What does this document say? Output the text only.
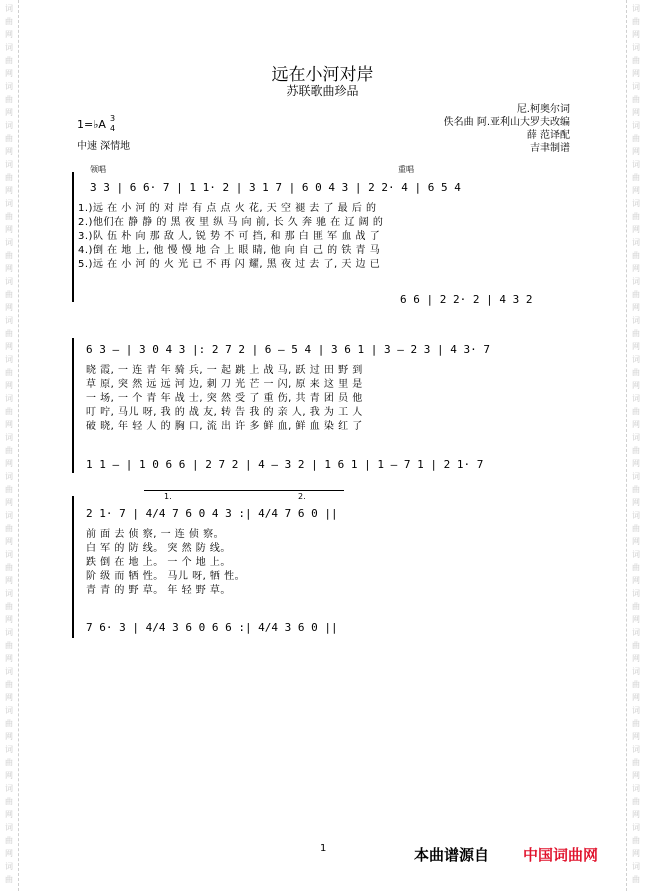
词
曲
网
词
曲
网
词
曲
网
词
曲
网
词
曲
网
词
曲
网
词
曲
网
词
曲
网
词
曲
网
词
曲
网
词
曲
网
词
曲
网
词
曲
网
词
曲
网
词
曲
网
词
曲
网
词
曲
网
词
曲
网
词
曲
网
词
曲
网
词
曲
网
词
曲
网
词
曲
词
曲
网
词
曲
网
词
曲
网
词
曲
网
词
曲
网
词
曲
网
词
曲
网
词
曲
网
词
曲
网
词
曲
网
词
曲
网
词
曲
网
词
曲
网
词
曲
网
词
曲
网
词
曲
网
词
曲
网
词
曲
网
词
曲
网
词
曲
网
词
曲
网
词
曲
网
词
曲
远在小河对岸
苏联歌曲珍品
1=♭A 3
4
中速 深情地
尼.柯奥尔词
佚名曲 阿.亚利山大罗夫改编
薛 范译配
吉聿制谱
领唱	重唱
3 3 | 6 6· 7 | 1 1· 2 | 3 1 7 | 6 0 4 3 | 2 2· 4 | 6 5 4
1.)远 在 小 河 的 对 岸 有 点 点 火 花, 天 空 褪 去 了 最 后 的
2.)他们在 静 静 的 黑 夜 里 纵 马 向 前, 长 久 奔 驰 在 辽 阔 的
3.)队 伍 朴 向 那 敌 人, 锐 势 不 可 挡, 和 那 白 匪 军 血 战 了
4.)倒 在 地 上, 他 慢 慢 地 合 上 眼 睛, 他 向 自 己 的 铁 青 马
5.)远 在 小 河 的 火 光 已 不 再 闪 耀, 黑 夜 过 去 了, 天 边 已
6 6 | 2 2· 2 | 4 3 2
6 3 — | 3 0 4 3 |: 2 7 2 | 6 — 5 4 | 3 6 1 | 3 — 2 3 | 4 3· 7
晓 霞, 一 连 青 年 骑 兵, 一 起 跳 上 战 马, 跃 过 田 野 到
草 原, 突 然 远 远 河 边, 刺 刀 光 芒 一 闪, 原 来 这 里 是
一 场, 一 个 青 年 战 士, 突 然 受 了 重 伤, 共 青 团 员 他
叮 咛, 马儿 呀, 我 的 战 友, 转 告 我 的 亲 人, 我 为 工 人
破 晓, 年 轻 人 的 胸 口, 流 出 许 多 鲜 血, 鲜 血 染 红 了
1 1 — | 1 0 6 6 | 2 7 2 | 4 — 3 2 | 1 6 1 | 1 — 7 1 | 2 1· 7
1.	2.
2 1· 7 | 4/4 7 6 0 4 3 :| 4/4 7 6 0 ||
前 面 去 侦 察, 一 连 侦 察。
白 军 的 防 线。 突 然 防 线。
跌 倒 在 地 上。 一 个 地 上。
阶 级 而 牺 性。 马儿 呀, 牺 性。
青 青 的 野 草。 年 轻 野 草。
7 6· 3 | 4/4 3 6 0 6 6 :| 4/4 3 6 0 ||
1	本曲谱源自 中国词曲网
